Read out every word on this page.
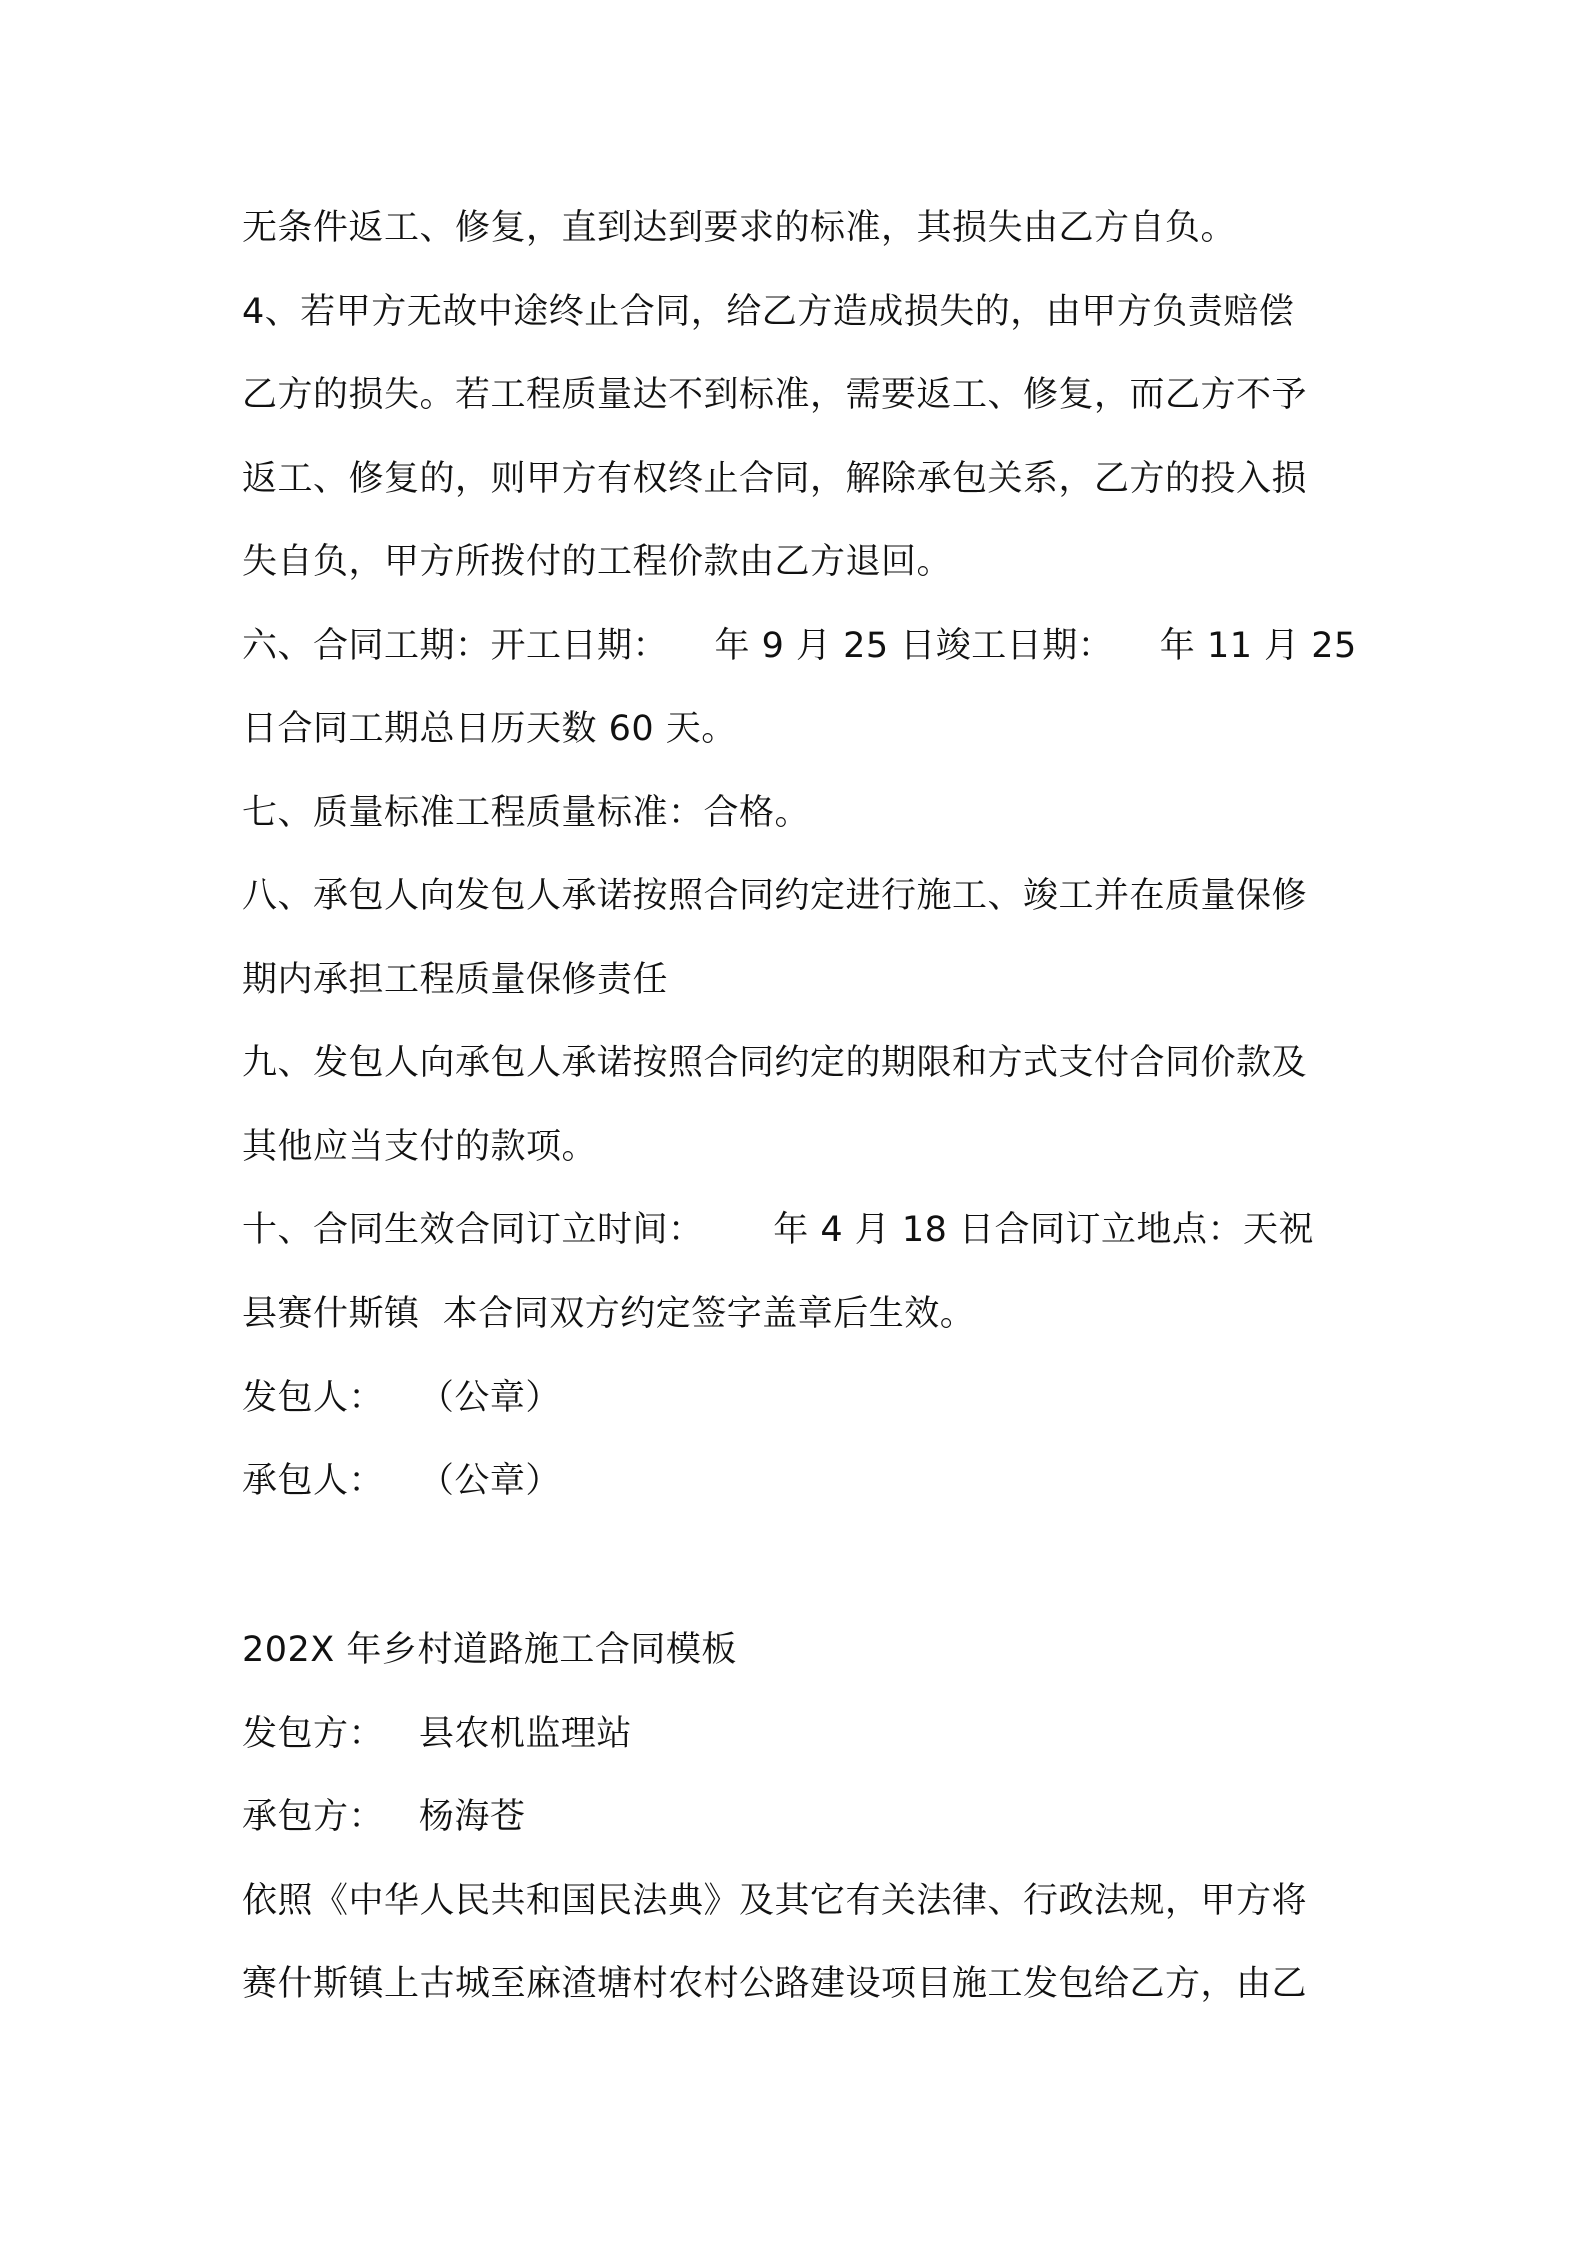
无条件返工、修复，直到达到要求的标准，其损失由乙方自负。
4、若甲方无故中途终止合同，给乙方造成损失的，由甲方负责赔偿
乙方的损失。若工程质量达不到标准，需要返工、修复，而乙方不予
返工、修复的，则甲方有权终止合同，解除承包关系，乙方的投入损
失自负，甲方所拨付的工程价款由乙方退回。
六、合同工期：开工日期：    年 9 月 25 日竣工日期：    年 11 月 25
日合同工期总日历天数 60 天。
七、质量标准工程质量标准：合格。
八、承包人向发包人承诺按照合同约定进行施工、竣工并在质量保修
期内承担工程质量保修责任
九、发包人向承包人承诺按照合同约定的期限和方式支付合同价款及
其他应当支付的款项。
十、合同生效合同订立时间：      年 4 月 18 日合同订立地点：天祝
县赛什斯镇  本合同双方约定签字盖章后生效。
发包人：   （公章）
承包人：   （公章）
202X 年乡村道路施工合同模板
发包方：   县农机监理站
承包方：   杨海苍
依照《中华人民共和国民法典》及其它有关法律、行政法规，甲方将
赛什斯镇上古城至麻渣塘村农村公路建设项目施工发包给乙方，由乙
